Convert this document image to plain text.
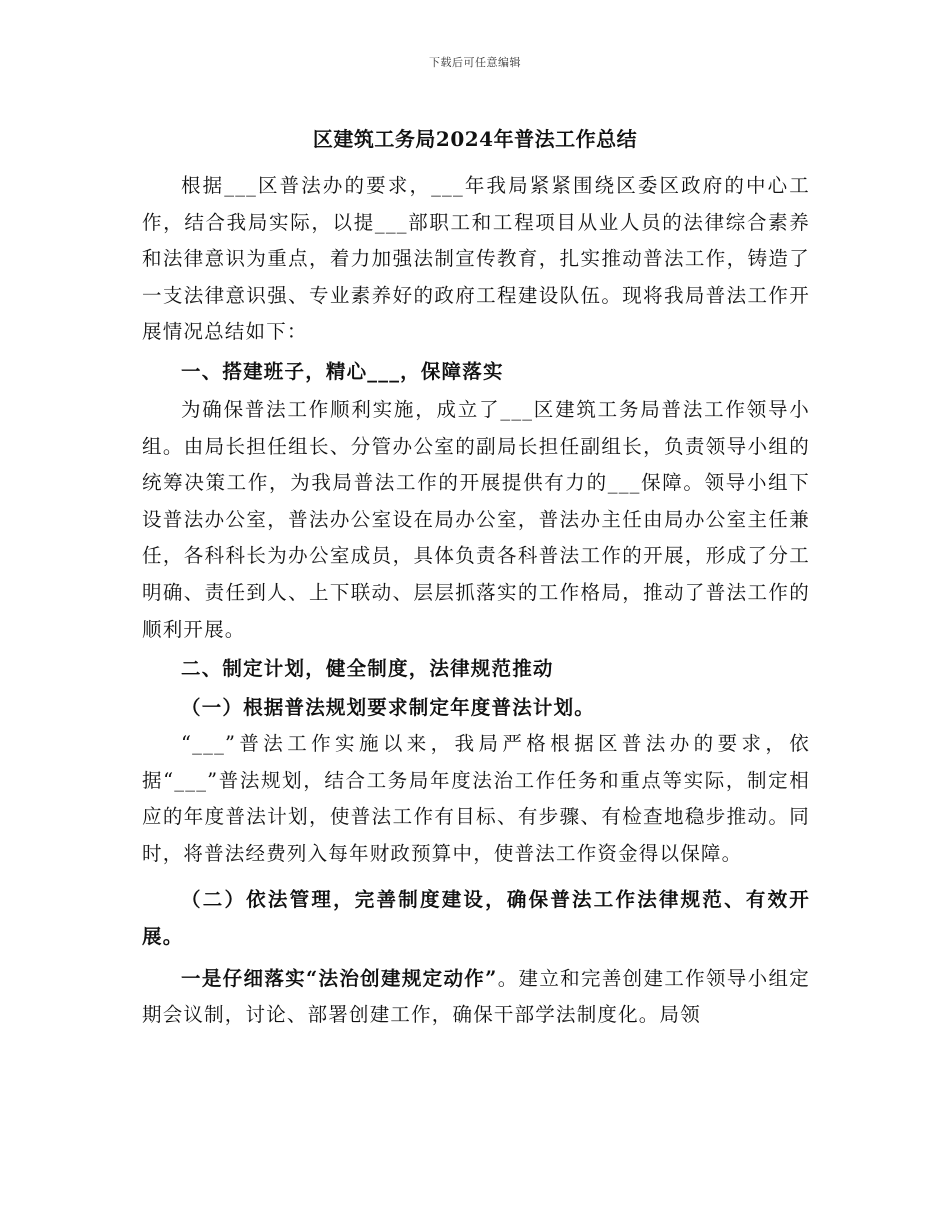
下载后可任意编辑
区建筑工务局2024年普法工作总结

根据___区普法办的要求，___年我局紧紧围绕区委区政府的中心工作，结合我局实际，以提___部职工和工程项目从业人员的法律综合素养和法律意识为重点，着力加强法制宣传教育，扎实推动普法工作，铸造了一支法律意识强、专业素养好的政府工程建设队伍。现将我局普法工作开展情况总结如下：

一、搭建班子，精心___，保障落实

为确保普法工作顺利实施，成立了___区建筑工务局普法工作领导小组。由局长担任组长、分管办公室的副局长担任副组长，负责领导小组的统筹决策工作，为我局普法工作的开展提供有力的___保障。领导小组下设普法办公室，普法办公室设在局办公室，普法办主任由局办公室主任兼任，各科科长为办公室成员，具体负责各科普法工作的开展，形成了分工明确、责任到人、上下联动、层层抓落实的工作格局，推动了普法工作的顺利开展。

二、制定计划，健全制度，法律规范推动
（一）根据普法规划要求制定年度普法计划。

“___”普法工作实施以来，我局严格根据区普法办的要求，依据“___”普法规划，结合工务局年度法治工作任务和重点等实际，制定相应的年度普法计划，使普法工作有目标、有步骤、有检查地稳步推动。同时，将普法经费列入每年财政预算中，使普法工作资金得以保障。

（二）依法管理，完善制度建设，确保普法工作法律规范、有效开展。

一是仔细落实“法治创建规定动作”。建立和完善创建工作领导小组定期会议制，讨论、部署创建工作，确保干部学法制度化。局领
